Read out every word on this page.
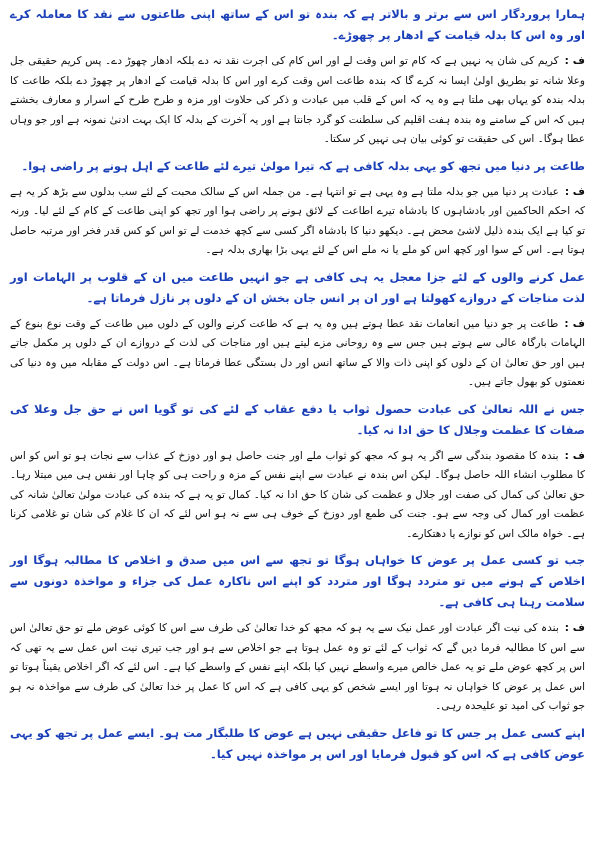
ہمارا پروردگار اس سے برتر و بالاتر ہے کہ بندہ تو اس کے ساتھ اپنی طاعتوں سے نقد کا معاملہ کرے اور وہ اس کا بدلہ قیامت کے ادھار پر چھوڑے۔
ف :کریم کی شان یہ نہیں ہے کہ کام تو اس وقت لے اور اس کام کی اجرت نقد نہ دے بلکہ ادھار چھوڑ دے۔ پس کریم حقیقی جل وعلا شانہ تو بطریق اولیٰ ایسا نہ کرے گا کہ بندہ طاعت اس وقت کرے اور اس کا بدلہ قیامت کے ادھار پر چھوڑ دے بلکہ طاعت کا بدلہ بندہ کو یہاں بھی ملتا ہے وہ یہ کہ اس کے قلب میں عبادت و ذکر کی حلاوت اور مزہ و طرح طرح کے اسرار و معارف بخشتے ہیں کہ اس کے سامنے وہ بندہ ہفت اقلیم کی سلطنت کو گرد جانتا ہے اور یہ آخرت کے بدلہ کا ایک بہت ادنیٰ نمونہ ہے اور جو وہاں عطا ہوگا۔ اس کی حقیقت تو کوئی بیان ہی نہیں کر سکتا۔
طاعت پر دنیا میں تجھ کو یہی بدلہ کافی ہے کہ تیرا مولیٰ تیرے لئے طاعت کے اہل ہونے پر راضی ہوا۔
ف :عبادت پر دنیا میں جو بدلہ ملتا ہے وہ یہی ہے تو انتہا ہے۔ من جملہ اس کے سالک محبت کے لئے سب بدلوں سے بڑھ کر یہ ہے کہ احکم الحاکمین اور بادشاہوں کا بادشاہ تیرے اطاعت کے لائق ہونے پر راضی ہوا اور تجھ کو اپنی طاعت کے کام کے لئے لیا۔ ورنہ تو کیا ہے ایک بندہ ذلیل لاشئ محض ہے۔ دیکھو دنیا کا بادشاہ اگر کسی سے کچھ خدمت لے تو اس کو کس قدر فخر اور مرتبہ حاصل ہوتا ہے۔ اس کے سوا اور کچھ اس کو ملے یا نہ ملے اس کے لئے یہی بڑا بھاری بدلہ ہے۔
عمل کرنے والوں کے لئے جزا معجل یہ ہی کافی ہے جو انہیں طاعت میں ان کے قلوب پر الہامات اور لذت مناجات کے دروازے کھولتا ہے اور ان پر انس جان بخش ان کے دلوں پر نازل فرماتا ہے۔
ف :طاعت پر جو دنیا میں انعامات نقد عطا ہوتے ہیں وہ یہ ہے کہ طاعت کرنے والوں کے دلوں میں طاعت کے وقت نوع بنوع کے الہامات بارگاہ عالی سے ہوتے ہیں جس سے وہ روحانی مزے لیتے ہیں اور مناجات کی لذت کے دروازے ان کے دلوں پر مکمل جاتے ہیں اور حق تعالیٰ ان کے دلوں کو اپنی ذات والا کے ساتھ انس اور دل بستگی عطا فرماتا ہے۔ اس دولت کے مقابلہ میں وہ دنیا کی نعمتوں کو بھول جاتے ہیں۔
جس نے اللہ تعالیٰ کی عبادت حصول ثواب یا دفع عقاب کے لئے کی تو گویا اس نے حق جل وعلا کی صفات کا عظمت وجلال کا حق ادا نہ کیا۔
ف :بندہ کا مقصود بندگی سے اگر یہ ہو کہ مجھ کو ثواب ملے اور جنت حاصل ہو اور دوزخ کے عذاب سے نجات ہو تو اس کو اس کا مطلوب انشاء اللہ حاصل ہوگا۔ لیکن اس بندہ نے عبادت سے اپنے نفس کے مزہ و راحت ہی کو چاہا اور نفس ہی میں مبتلا رہا۔ حق تعالیٰ کی کمال کی صفت اور جلال و عظمت کی شان کا حق ادا نہ کیا۔ کمال تو یہ ہے کہ بندہ کی عبادت مولیٰ تعالیٰ شانہ کی عظمت اور کمال کی وجہ سے ہو۔ جنت کی طمع اور دوزخ کے خوف ہی سے نہ ہو اس لئے کہ ان کا غلام کی شان تو غلامی کرنا ہے۔ خواہ مالک اس کو نوازے یا دھتکارے۔
جب تو کسی عمل پر عوض کا خواہاں ہوگا تو تجھ سے اس میں صدق و اخلاص کا مطالبہ ہوگا اور اخلاص کے ہونے میں تو متردد ہوگا اور متردد کو اپنے اس ناکارہ عمل کی جزاء و مواخذہ دونوں سے سلامت رہنا ہی کافی ہے۔
ف :بندہ کی نیت اگر عبادت اور عمل نیک سے یہ ہو کہ مجھ کو خدا تعالیٰ کی طرف سے اس کا کوئی عوض ملے تو حق تعالیٰ اس سے اس کا مطالبہ فرما دیں گے کہ ثواب کے لئے تو وہ عمل ہوتا ہے جو اخلاص سے ہو اور جب تیری نیت اس عمل سے یہ تھی کہ اس پر کچھ عوض ملے تو یہ عمل خالص میرے واسطے نہیں کیا بلکہ اپنے نفس کے واسطے کیا ہے۔ اس لئے کہ اگر اخلاص یقیناً ہوتا تو اس عمل پر عوض کا خواہاں نہ ہوتا اور ایسے شخص کو یہی کافی ہے کہ اس کا عمل پر خدا تعالیٰ کی طرف سے مواخذہ نہ ہو جو ثواب کی امید تو علیحدہ رہی۔
اپنے کسی عمل پر جس کا تو فاعل حقیقی نہیں ہے عوض کا طلبگار مت ہو۔ ایسے عمل پر تجھ کو یہی عوض کافی ہے کہ اس کو قبول فرمایا اور اس پر مواخذہ نہیں کیا۔
